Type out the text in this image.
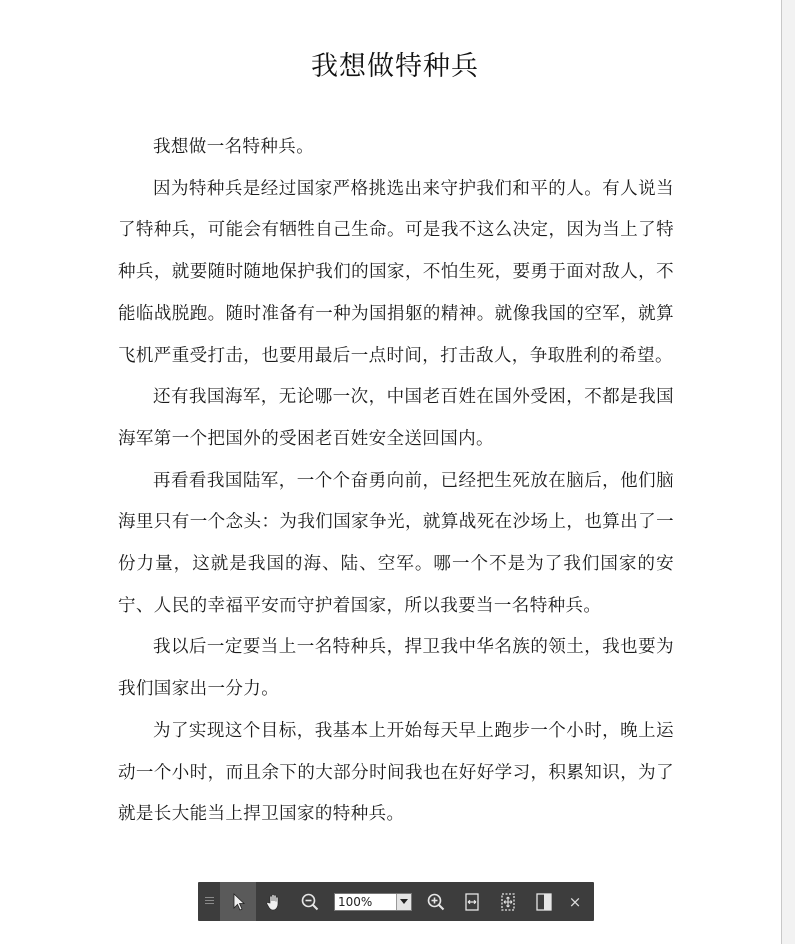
我想做特种兵

我想做一名特种兵。

因为特种兵是经过国家严格挑选出来守护我们和平的人。有人说当了特种兵，可能会有牺牲自己生命。可是我不这么决定，因为当上了特种兵，就要随时随地保护我们的国家，不怕生死，要勇于面对敌人，不能临战脱跑。随时准备有一种为国捐躯的精神。就像我国的空军，就算飞机严重受打击，也要用最后一点时间，打击敌人，争取胜利的希望。

还有我国海军，无论哪一次，中国老百姓在国外受困，不都是我国海军第一个把国外的受困老百姓安全送回国内。

再看看我国陆军，一个个奋勇向前，已经把生死放在脑后，他们脑海里只有一个念头：为我们国家争光，就算战死在沙场上，也算出了一份力量，这就是我国的海、陆、空军。哪一个不是为了我们国家的安宁、人民的幸福平安而守护着国家，所以我要当一名特种兵。

我以后一定要当上一名特种兵，捍卫我中华名族的领土，我也要为我们国家出一分力。

为了实现这个目标，我基本上开始每天早上跑步一个小时，晚上运动一个小时，而且余下的大部分时间我也在好好学习，积累知识，为了就是长大能当上捍卫国家的特种兵。

100%	×
